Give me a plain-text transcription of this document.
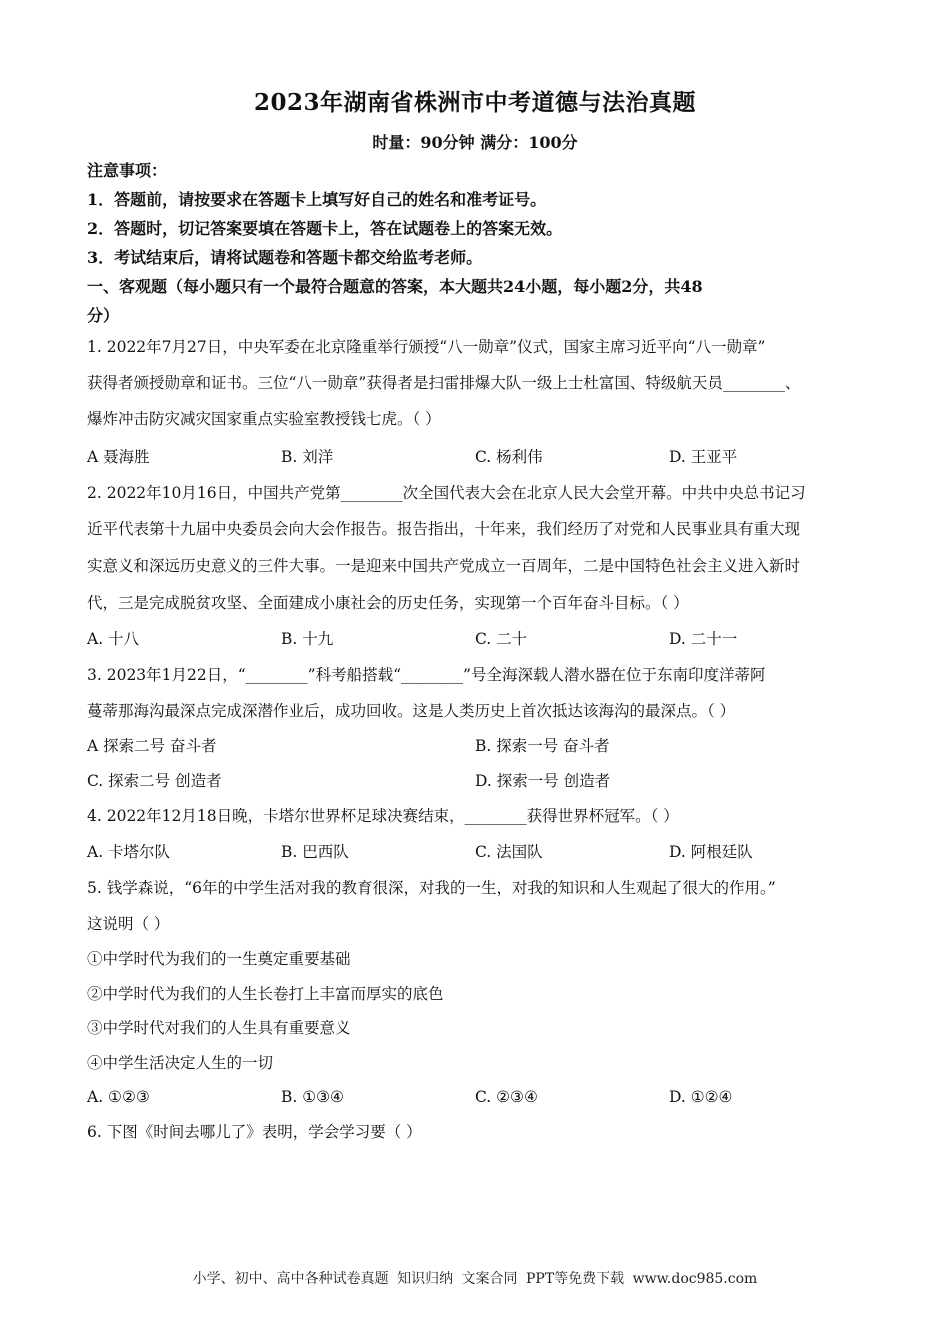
2023年湖南省株洲市中考道德与法治真题
时量：90分钟 满分：100分
注意事项：
1．答题前，请按要求在答题卡上填写好自己的姓名和准考证号。
2．答题时，切记答案要填在答题卡上，答在试题卷上的答案无效。
3．考试结束后，请将试题卷和答题卡都交给监考老师。
一、客观题（每小题只有一个最符合题意的答案，本大题共24小题，每小题2分，共48
分）
1. 2022年7月27日，中央军委在北京隆重举行颁授“八一勋章”仪式，国家主席习近平向“八一勋章”
获得者颁授勋章和证书。三位“八一勋章”获得者是扫雷排爆大队一级上士杜富国、特级航天员________、
爆炸冲击防灾减灾国家重点实验室教授钱七虎。（ ）
A 聂海胜	B. 刘洋	C. 杨利伟	D. 王亚平
2. 2022年10月16日，中国共产党第________次全国代表大会在北京人民大会堂开幕。中共中央总书记习
近平代表第十九届中央委员会向大会作报告。报告指出，十年来，我们经历了对党和人民事业具有重大现
实意义和深远历史意义的三件大事。一是迎来中国共产党成立一百周年，二是中国特色社会主义进入新时
代，三是完成脱贫攻坚、全面建成小康社会的历史任务，实现第一个百年奋斗目标。（ ）
A. 十八	B. 十九	C. 二十	D. 二十一
3. 2023年1月22日，“________”科考船搭载“________”号全海深载人潜水器在位于东南印度洋蒂阿
蔓蒂那海沟最深点完成深潜作业后，成功回收。这是人类历史上首次抵达该海沟的最深点。（ ）
A 探索二号 奋斗者	B. 探索一号 奋斗者
C. 探索二号 创造者	D. 探索一号 创造者
4. 2022年12月18日晚，卡塔尔世界杯足球决赛结束，________获得世界杯冠军。（ ）
A. 卡塔尔队	B. 巴西队	C. 法国队	D. 阿根廷队
5. 钱学森说，“6年的中学生活对我的教育很深，对我的一生，对我的知识和人生观起了很大的作用。”
这说明（ ）
①中学时代为我们的一生奠定重要基础
②中学时代为我们的人生长卷打上丰富而厚实的底色
③中学时代对我们的人生具有重要意义
④中学生活决定人生的一切
A. ①②③	B. ①③④	C. ②③④	D. ①②④
6. 下图《时间去哪儿了》表明，学会学习要（ ）
小学、初中、高中各种试卷真题 知识归纳 文案合同 PPT等免费下载 www.doc985.com
